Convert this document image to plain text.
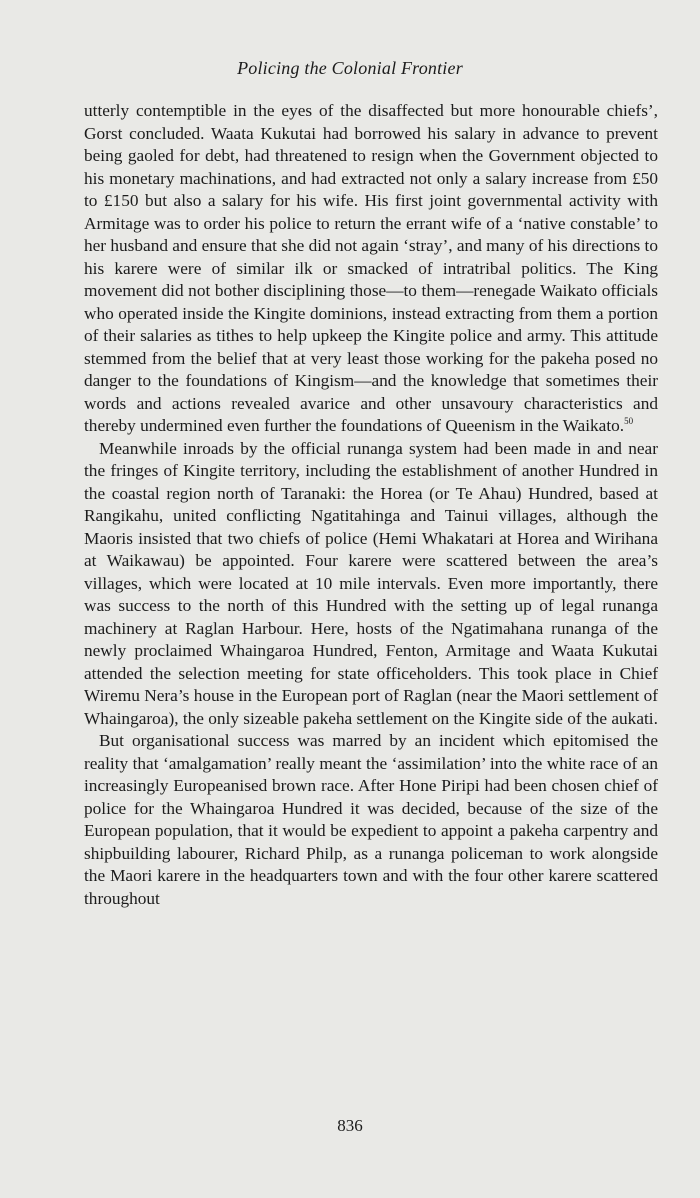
Policing the Colonial Frontier

utterly contemptible in the eyes of the disaffected but more honourable chiefs’, Gorst concluded. Waata Kukutai had borrowed his salary in advance to prevent being gaoled for debt, had threatened to resign when the Government objected to his monetary machinations, and had extracted not only a salary increase from £50 to £150 but also a salary for his wife. His first joint governmental activity with Armitage was to order his police to return the errant wife of a ‘native constable’ to her husband and ensure that she did not again ‘stray’, and many of his directions to his karere were of similar ilk or smacked of intratribal politics. The King movement did not bother disciplining those—to them—renegade Waikato officials who operated inside the Kingite dominions, instead extracting from them a portion of their salaries as tithes to help upkeep the Kingite police and army. This attitude stemmed from the belief that at very least those working for the pakeha posed no danger to the foundations of Kingism—and the knowledge that sometimes their words and actions revealed avarice and other unsavoury characteristics and thereby undermined even further the foundations of Queenism in the Waikato.$^{50}$

Meanwhile inroads by the official runanga system had been made in and near the fringes of Kingite territory, including the establishment of another Hundred in the coastal region north of Taranaki: the Horea (or Te Ahau) Hundred, based at Rangikahu, united conflicting Ngatitahinga and Tainui villages, although the Maoris insisted that two chiefs of police (Hemi Whakatari at Horea and Wirihana at Waikawau) be appointed. Four karere were scattered between the area’s villages, which were located at 10 mile intervals. Even more importantly, there was success to the north of this Hundred with the setting up of legal runanga machinery at Raglan Harbour. Here, hosts of the Ngatimahana runanga of the newly proclaimed Whaingaroa Hundred, Fenton, Armitage and Waata Kukutai attended the selection meeting for state officeholders. This took place in Chief Wiremu Nera’s house in the European port of Raglan (near the Maori settlement of Whaingaroa), the only sizeable pakeha settlement on the Kingite side of the aukati.

But organisational success was marred by an incident which epitomised the reality that ‘amalgamation’ really meant the ‘assimilation’ into the white race of an increasingly Europeanised brown race. After Hone Piripi had been chosen chief of police for the Whaingaroa Hundred it was decided, because of the size of the European population, that it would be expedient to appoint a pakeha carpentry and shipbuilding labourer, Richard Philp, as a runanga policeman to work alongside the Maori karere in the headquarters town and with the four other karere scattered throughout

836
